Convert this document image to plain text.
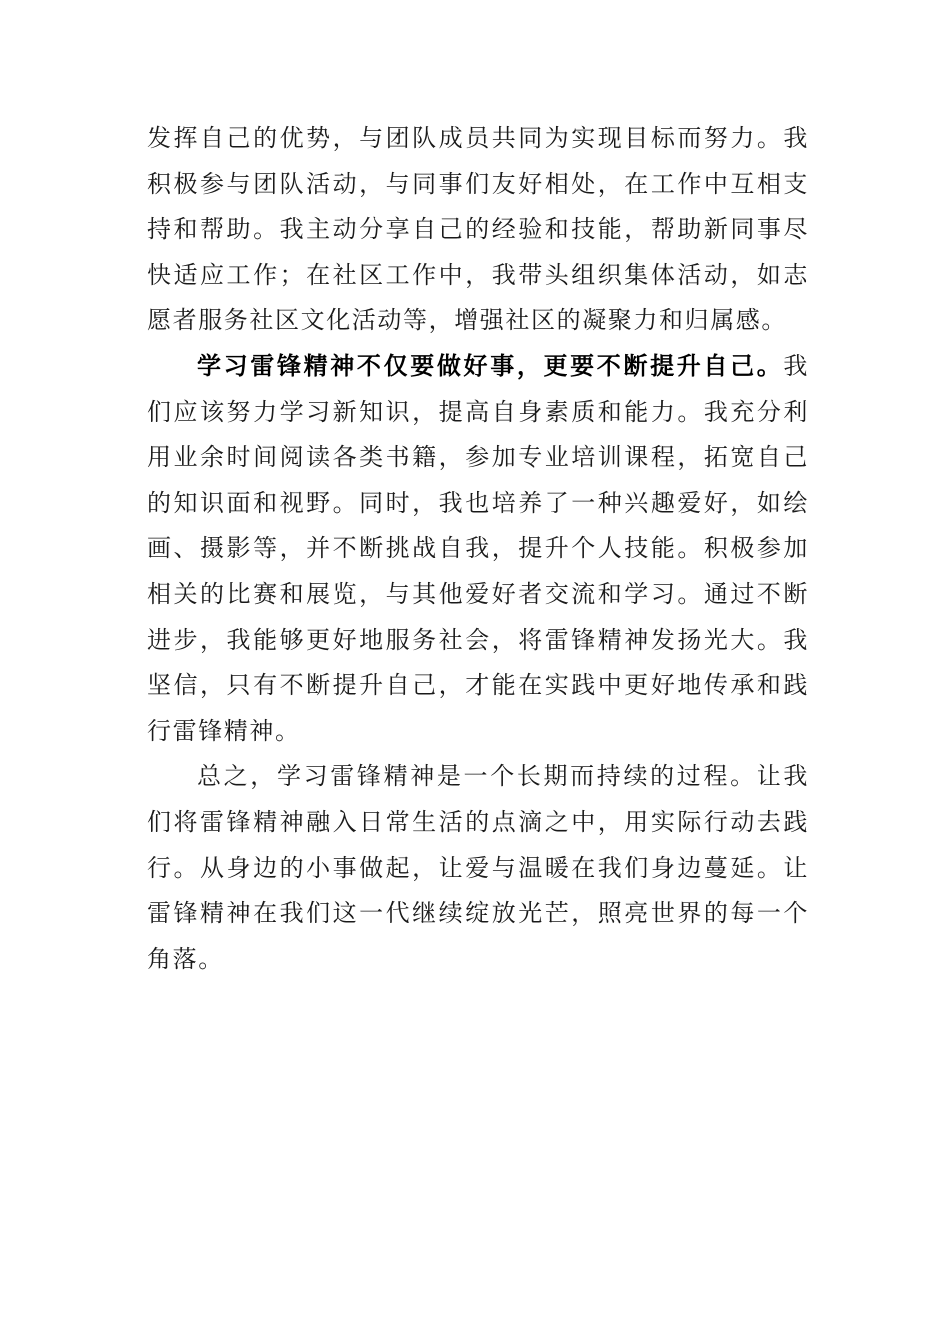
发挥自己的优势，与团队成员共同为实现目标而努力。我积极参与团队活动，与同事们友好相处，在工作中互相支持和帮助。我主动分享自己的经验和技能，帮助新同事尽快适应工作；在社区工作中，我带头组织集体活动，如志愿者服务社区文化活动等，增强社区的凝聚力和归属感。

学习雷锋精神不仅要做好事，更要不断提升自己。我们应该努力学习新知识，提高自身素质和能力。我充分利用业余时间阅读各类书籍，参加专业培训课程，拓宽自己的知识面和视野。同时，我也培养了一种兴趣爱好，如绘画、摄影等，并不断挑战自我，提升个人技能。积极参加相关的比赛和展览，与其他爱好者交流和学习。通过不断进步，我能够更好地服务社会，将雷锋精神发扬光大。我坚信，只有不断提升自己，才能在实践中更好地传承和践行雷锋精神。

总之，学习雷锋精神是一个长期而持续的过程。让我们将雷锋精神融入日常生活的点滴之中，用实际行动去践行。从身边的小事做起，让爱与温暖在我们身边蔓延。让雷锋精神在我们这一代继续绽放光芒，照亮世界的每一个角落。
